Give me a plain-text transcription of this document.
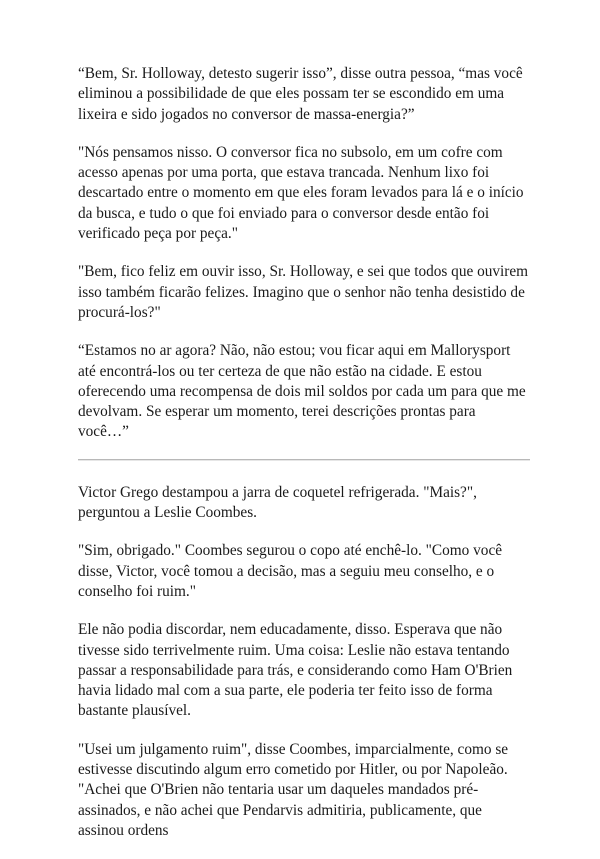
“Bem, Sr. Holloway, detesto sugerir isso”, disse outra pessoa, “mas você eliminou a possibilidade de que eles possam ter se escondido em uma lixeira e sido jogados no conversor de massa-energia?”

"Nós pensamos nisso. O conversor fica no subsolo, em um cofre com acesso apenas por uma porta, que estava trancada. Nenhum lixo foi descartado entre o momento em que eles foram levados para lá e o início da busca, e tudo o que foi enviado para o conversor desde então foi verificado peça por peça."

"Bem, fico feliz em ouvir isso, Sr. Holloway, e sei que todos que ouvirem isso também ficarão felizes. Imagino que o senhor não tenha desistido de procurá-los?"

“Estamos no ar agora? Não, não estou; vou ficar aqui em Mallorysport até encontrá-los ou ter certeza de que não estão na cidade. E estou oferecendo uma recompensa de dois mil soldos por cada um para que me devolvam. Se esperar um momento, terei descrições prontas para você…”

Victor Grego destampou a jarra de coquetel refrigerada. "Mais?", perguntou a Leslie Coombes.

"Sim, obrigado." Coombes segurou o copo até enchê-lo. "Como você disse, Victor, você tomou a decisão, mas a seguiu meu conselho, e o conselho foi ruim."

Ele não podia discordar, nem educadamente, disso. Esperava que não tivesse sido terrivelmente ruim. Uma coisa: Leslie não estava tentando passar a responsabilidade para trás, e considerando como Ham O'Brien havia lidado mal com a sua parte, ele poderia ter feito isso de forma bastante plausível.

"Usei um julgamento ruim", disse Coombes, imparcialmente, como se estivesse discutindo algum erro cometido por Hitler, ou por Napoleão. "Achei que O'Brien não tentaria usar um daqueles mandados pré-assinados, e não achei que Pendarvis admitiria, publicamente, que assinou ordens
